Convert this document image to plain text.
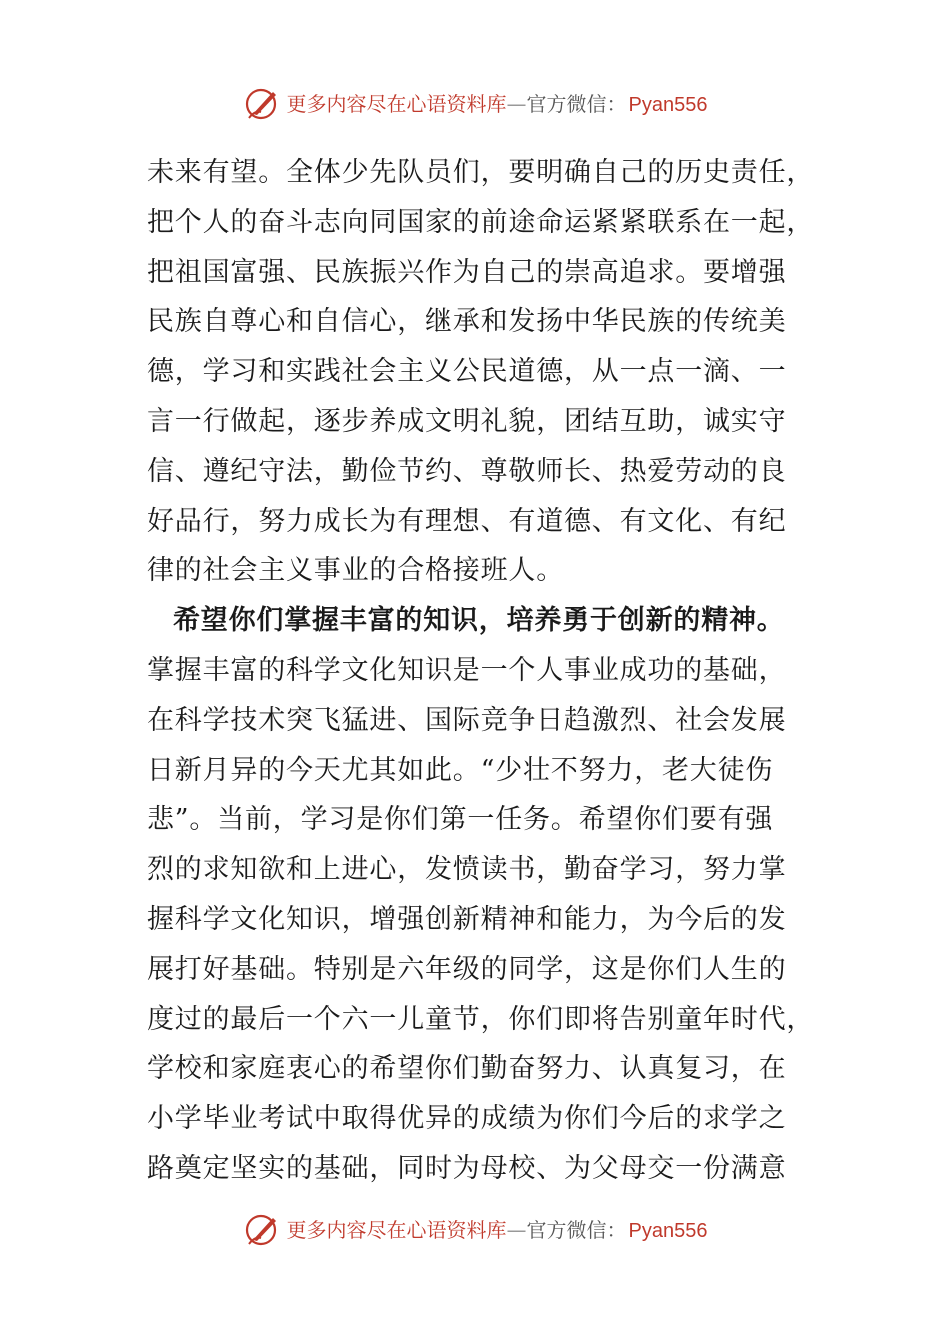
更多内容尽在心语资料库 — 官方微信： Pyan556
未来有望。全体少先队员们，要明确自己的历史责任，
把个人的奋斗志向同国家的前途命运紧紧联系在一起，
把祖国富强、民族振兴作为自己的崇高追求。要增强
民族自尊心和自信心，继承和发扬中华民族的传统美
德，学习和实践社会主义公民道德，从一点一滴、一
言一行做起，逐步养成文明礼貌，团结互助，诚实守
信、遵纪守法，勤俭节约、尊敬师长、热爱劳动的良
好品行，努力成长为有理想、有道德、有文化、有纪
律的社会主义事业的合格接班人。
希望你们掌握丰富的知识，培养勇于创新的精神。
掌握丰富的科学文化知识是一个人事业成功的基础，
在科学技术突飞猛进、国际竞争日趋激烈、社会发展
日新月异的今天尤其如此。“少壮不努力，老大徒伤
悲”。当前，学习是你们第一任务。希望你们要有强
烈的求知欲和上进心，发愤读书，勤奋学习，努力掌
握科学文化知识，增强创新精神和能力，为今后的发
展打好基础。特别是六年级的同学，这是你们人生的
度过的最后一个六一儿童节，你们即将告别童年时代，
学校和家庭衷心的希望你们勤奋努力、认真复习，在
小学毕业考试中取得优异的成绩为你们今后的求学之
路奠定坚实的基础，同时为母校、为父母交一份满意
更多内容尽在心语资料库 — 官方微信： Pyan556
